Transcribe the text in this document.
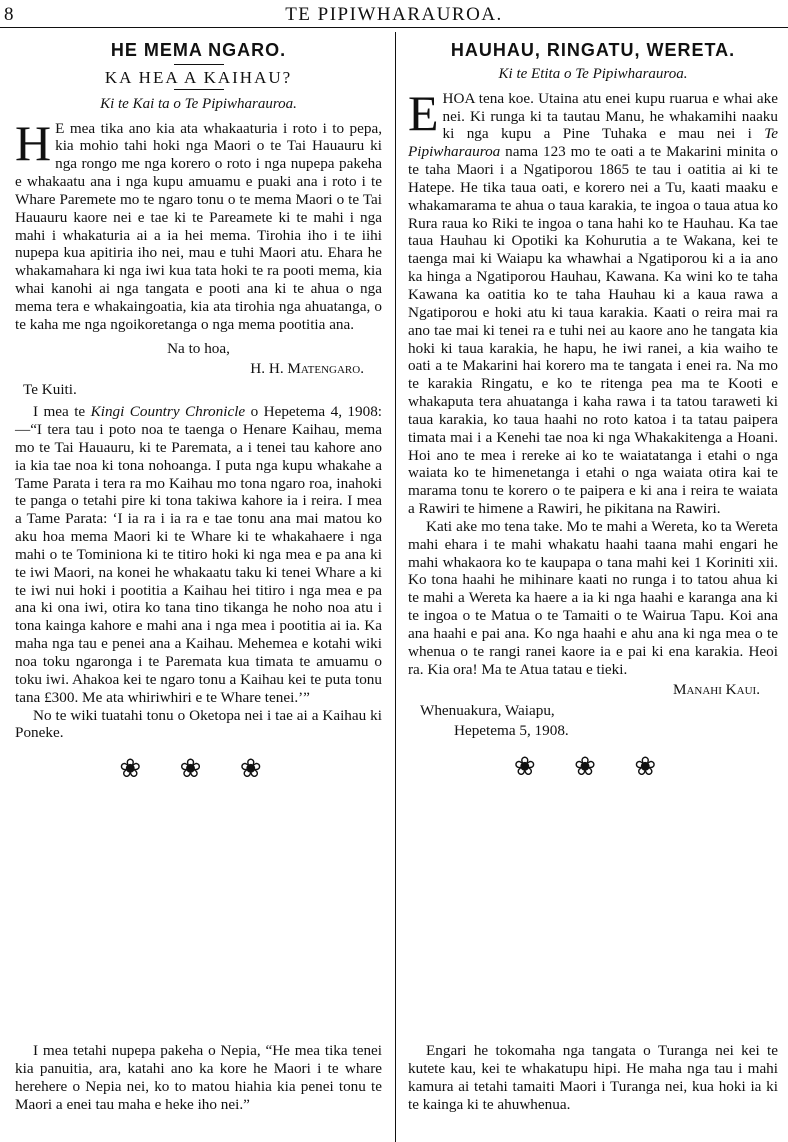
8	TE PIPIWHARAUROA.
HE MEMA NGARO.
KA HEA A KAIHAU?
Ki te Kai ta o Te Pipiwharauroa.

H E mea tika ano kia ata whakaaturia i roto i to pepa, kia mohio tahi hoki nga Maori o te Tai Hauauru ki nga rongo me nga korero o roto i nga nupepa pakeha e whakaatu ana i nga kupu amuamu e puaki ana i roto i te Whare Paremete mo te ngaro tonu o te mema Maori o te Tai Hauauru kaore nei e tae ki te Pareamete ki te mahi i nga mahi i whakaturia ai a ia hei mema. Tirohia iho i te iihi nupepa kua apitiria iho nei, mau e tuhi Maori atu. Ehara he whakamahara ki nga iwi kua tata hoki te ra pooti mema, kia whai kanohi ai nga tangata e pooti ana ki te ahua o nga mema tera e whakaingoatia, kia ata tirohia nga ahuatanga, o te kaha me nga ngoikoretanga o nga mema pootitia ana.

Na to hoa,
H. H. Matengaro.
Te Kuiti.

I mea te Kingi Country Chronicle o Hepetema 4, 1908:—“I tera tau i poto noa te taenga o Henare Kaihau, mema mo te Tai Hauauru, ki te Paremata, a i tenei tau kahore ano ia kia tae noa ki tona nohoanga. I puta nga kupu whakahe a Tame Parata i tera ra mo Kaihau mo tona ngaro roa, inahoki te panga o tetahi pire ki tona takiwa kahore ia i reira. I mea a Tame Parata: ‘I ia ra i ia ra e tae tonu ana mai matou ko aku hoa mema Maori ki te Whare ki te whakahaere i nga mahi o te Tominiona ki te titiro hoki ki nga mea e pa ana ki te iwi Maori, na konei he whakaatu taku ki tenei Whare a ki te iwi nui hoki i pootitia a Kaihau hei titiro i nga mea e pa ana ki ona iwi, otira ko tana tino tikanga he noho noa atu i tona kainga kahore e mahi ana i nga mea i pootitia ai ia. Ka maha nga tau e penei ana a Kaihau. Mehemea e kotahi wiki noa toku ngaronga i te Paremata kua timata te amuamu o toku iwi. Ahakoa kei te ngaro tonu a Kaihau kei te puta tonu tana £300. Me ata whiriwhiri e te Whare tenei.’”

No te wiki tuatahi tonu o Oketopa nei i tae ai a Kaihau ki Poneke.

❀ ❀ ❀
HAUHAU, RINGATU, WERETA.
Ki te Etita o Te Pipiwharauroa.

EHOA tena koe. Utaina atu enei kupu ruarua e whai ake nei. Ki runga ki ta tautau Manu, he whakamihi naaku ki nga kupu a Pine Tuhaka e mau nei i Te Pipiwharauroa nama 123 mo te oati a te Makarini minita o te taha Maori i a Ngatiporou 1865 te tau i oatitia ai ki te Hatepe. He tika taua oati, e korero nei a Tu, kaati maaku e whakamarama te ahua o taua karakia, te ingoa o taua atua ko Rura raua ko Riki te ingoa o tana hahi ko te Hauhau. Ka tae taua Hauhau ki Opotiki ka Kohurutia a te Wakana, kei te taenga mai ki Waiapu ka whawhai a Ngatiporou ki a ia ano ka hinga a Ngatiporou Hauhau, Kawana. Ka wini ko te taha Kawana ka oatitia ko te taha Hauhau ki a kaua rawa a Ngatiporou e hoki atu ki taua karakia. Kaati o reira mai ra ano tae mai ki tenei ra e tuhi nei au kaore ano he tangata kia hoki ki taua karakia, he hapu, he iwi ranei, a kia waiho te oati a te Makarini hai korero ma te tangata i enei ra. Na mo te karakia Ringatu, e ko te ritenga pea ma te Kooti e whakaputa tera ahuatanga i kaha rawa i ta tatou taraweti ki taua karakia, ko taua haahi no roto katoa i ta tatau paipera timata mai i a Kenehi tae noa ki nga Whakakitenga a Hoani. Hoi ano te mea i rereke ai ko te waiatatanga i etahi o nga waiata ko te himenetanga i etahi o nga waiata otira kai te marama tonu te korero o te paipera e ki ana i reira te waiata a Rawiri te himene a Rawiri, he pikitana na Rawiri.

Kati ake mo tena take. Mo te mahi a Wereta, ko ta Wereta mahi ehara i te mahi whakatu haahi taana mahi engari he mahi whakaora ko te kaupapa o tana mahi kei 1 Koriniti xii. Ko tona haahi he mihinare kaati no runga i to tatou ahua ki te mahi a Wereta ka haere a ia ki nga haahi e karanga ana ki te ingoa o te Matua o te Tamaiti o te Wairua Tapu. Koi ana ana haahi e pai ana. Ko nga haahi e ahu ana ki nga mea o te whenua o te rangi ranei kaore ia e pai ki ena karakia. Heoi ra. Kia ora! Ma te Atua tatau e tieki.

Manahi Kaui.
Whenuakura, Waiapu,
Hepetema 5, 1908.
❀ ❀ ❀

I mea tetahi nupepa pakeha o Nepia, “He mea tika tenei kia panuitia, ara, katahi ano ka kore he Maori i te whare herehere o Nepia nei, ko to matou hiahia kia penei tonu te Maori a enei tau maha e heke iho nei.”

Engari he tokomaha nga tangata o Turanga nei kei te kutete kau, kei te whakatupu hipi. He maha nga tau i mahi kamura ai tetahi tamaiti Maori i Turanga nei, kua hoki ia ki te kainga ki te ahuwhenua.
